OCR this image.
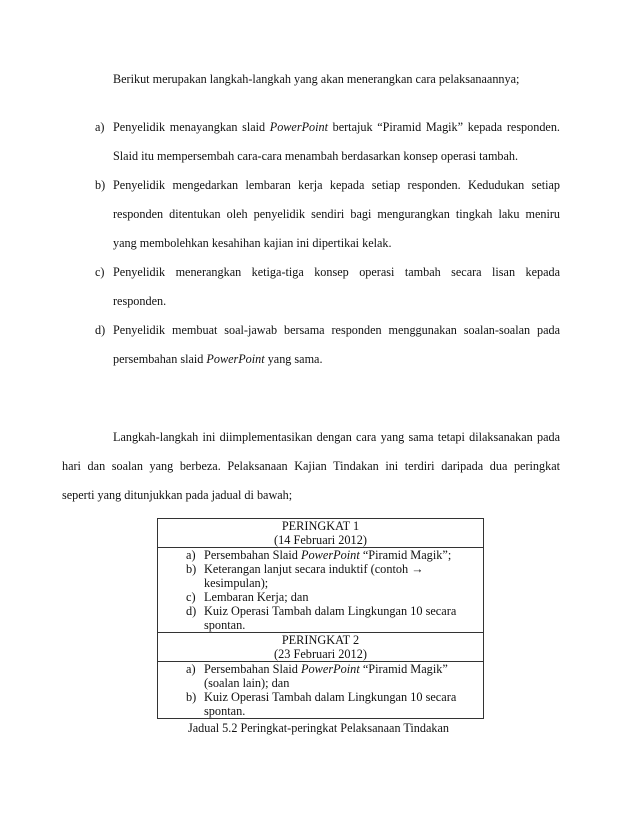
Berikut merupakan langkah-langkah yang akan menerangkan cara pelaksanaannya;

a) Penyelidik menayangkan slaid PowerPoint bertajuk “Piramid Magik” kepada responden.

Slaid itu mempersembah cara-cara menambah berdasarkan konsep operasi tambah.

b) Penyelidik mengedarkan lembaran kerja kepada setiap responden. Kedudukan setiap

responden ditentukan oleh penyelidik sendiri bagi mengurangkan tingkah laku meniru

yang membolehkan kesahihan kajian ini dipertikai kelak.

c) Penyelidik menerangkan ketiga-tiga konsep operasi tambah secara lisan kepada

responden.

d) Penyelidik membuat soal-jawab bersama responden menggunakan soalan-soalan pada

persembahan slaid PowerPoint yang sama.

Langkah-langkah ini diimplementasikan dengan cara yang sama tetapi dilaksanakan pada

hari dan soalan yang berbeza. Pelaksanaan Kajian Tindakan ini terdiri daripada dua peringkat

seperti yang ditunjukkan pada jadual di bawah;

PERINGKAT 1
(14 Februari 2012)

a) Persembahan Slaid PowerPoint “Piramid Magik”;
b) Keterangan lanjut secara induktif (contoh →
kesimpulan);
c) Lembaran Kerja; dan
d) Kuiz Operasi Tambah dalam Lingkungan 10 secara
spontan.

PERINGKAT 2
(23 Februari 2012)

a) Persembahan Slaid PowerPoint “Piramid Magik”
(soalan lain); dan
b) Kuiz Operasi Tambah dalam Lingkungan 10 secara
spontan.
Jadual 5.2 Peringkat-peringkat Pelaksanaan Tindakan
